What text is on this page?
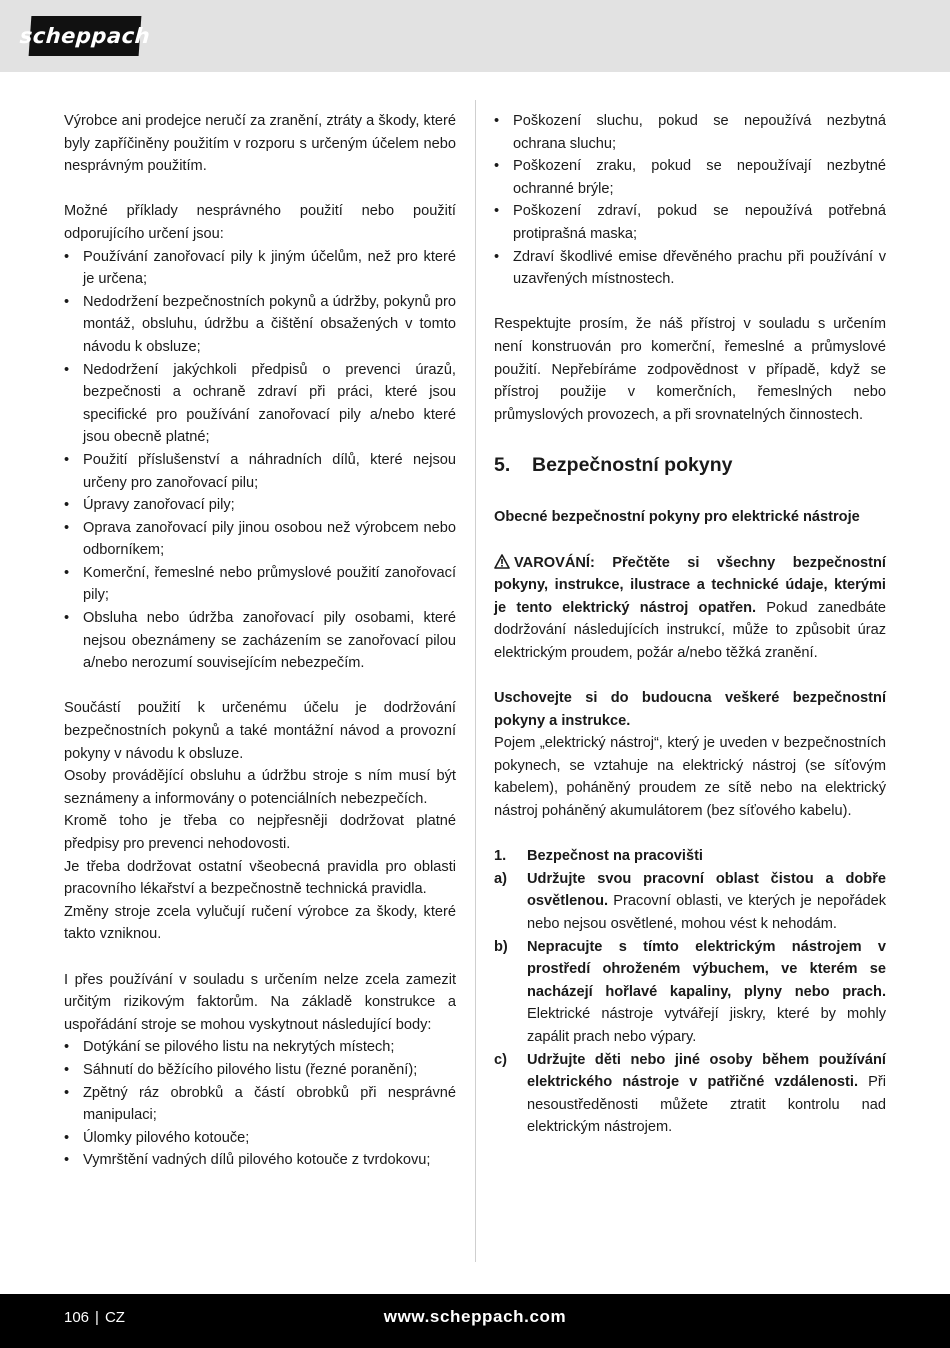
scheppach

Výrobce ani prodejce neručí za zranění, ztráty a škody, které byly zapříčiněny použitím v rozporu s určeným účelem nebo nesprávným použitím.

Možné příklady nesprávného použití nebo použití odporujícího určení jsou:

• Používání zanořovací pily k jiným účelům, než pro které je určena;
• Nedodržení bezpečnostních pokynů a údržby, pokynů pro montáž, obsluhu, údržbu a čištění obsažených v tomto návodu k obsluze;
• Nedodržení jakýchkoli předpisů o prevenci úrazů, bezpečnosti a ochraně zdraví při práci, které jsou specifické pro používání zanořovací pily a/nebo které jsou obecně platné;
• Použití příslušenství a náhradních dílů, které nejsou určeny pro zanořovací pilu;
• Úpravy zanořovací pily;
• Oprava zanořovací pily jinou osobou než výrobcem nebo odborníkem;
• Komerční, řemeslné nebo průmyslové použití zanořovací pily;
• Obsluha nebo údržba zanořovací pily osobami, které nejsou obeznámeny se zacházením se zanořovací pilou a/nebo nerozumí souvisejícím nebezpečím.

Součástí použití k určenému účelu je dodržování bezpečnostních pokynů a také montážní návod a provozní pokyny v návodu k obsluze.

Osoby provádějící obsluhu a údržbu stroje s ním musí být seznámeny a informovány o potenciálních nebezpečích.

Kromě toho je třeba co nejpřesněji dodržovat platné předpisy pro prevenci nehodovosti.

Je třeba dodržovat ostatní všeobecná pravidla pro oblasti pracovního lékařství a bezpečnostně technická pravidla.

Změny stroje zcela vylučují ručení výrobce za škody, které takto vzniknou.

I přes používání v souladu s určením nelze zcela zamezit určitým rizikovým faktorům. Na základě konstrukce a uspořádání stroje se mohou vyskytnout následující body:

• Dotýkání se pilového listu na nekrytých místech;
• Sáhnutí do běžícího pilového listu (řezné poranění);
• Zpětný ráz obrobků a částí obrobků při nesprávné manipulaci;
• Úlomky pilového kotouče;
• Vymrštění vadných dílů pilového kotouče z tvrdokovu;
• Poškození sluchu, pokud se nepoužívá nezbytná ochrana sluchu;
• Poškození zraku, pokud se nepoužívají nezbytné ochranné brýle;
• Poškození zdraví, pokud se nepoužívá potřebná protiprašná maska;
• Zdraví škodlivé emise dřevěného prachu při používání v uzavřených místnostech.

Respektujte prosím, že náš přístroj v souladu s určením není konstruován pro komerční, řemeslné a průmyslové použití. Nepřebíráme zodpovědnost v případě, když se přístroj použije v komerčních, řemeslných nebo průmyslových provozech, a při srovnatelných činnostech.

5.	Bezpečnostní pokyny

Obecné bezpečnostní pokyny pro elektrické nástroje

VAROVÁNÍ: Přečtěte si všechny bezpečnostní pokyny, instrukce, ilustrace a technické údaje, kterými je tento elektrický nástroj opatřen. Pokud zanedbáte dodržování následujících instrukcí, může to způsobit úraz elektrickým proudem, požár a/nebo těžká zranění.

Uschovejte si do budoucna veškeré bezpečnostní pokyny a instrukce.

Pojem „elektrický nástroj“, který je uveden v bezpečnostních pokynech, se vztahuje na elektrický nástroj (se síťovým kabelem), poháněný proudem ze sítě nebo na elektrický nástroj poháněný akumulátorem (bez síťového kabelu).

1. Bezpečnost na pracovišti
a) Udržujte svou pracovní oblast čistou a dobře osvětlenou. Pracovní oblasti, ve kterých je nepořádek nebo nejsou osvětlené, mohou vést k nehodám.
b) Nepracujte s tímto elektrickým nástrojem v prostředí ohroženém výbuchem, ve kterém se nacházejí hořlavé kapaliny, plyny nebo prach. Elektrické nástroje vytvářejí jiskry, které by mohly zapálit prach nebo výpary.
c) Udržujte děti nebo jiné osoby během používání elektrického nástroje v patřičné vzdálenosti. Při nesoustředěnosti můžete ztratit kontrolu nad elektrickým nástrojem.
106 | CZ	www.scheppach.com
